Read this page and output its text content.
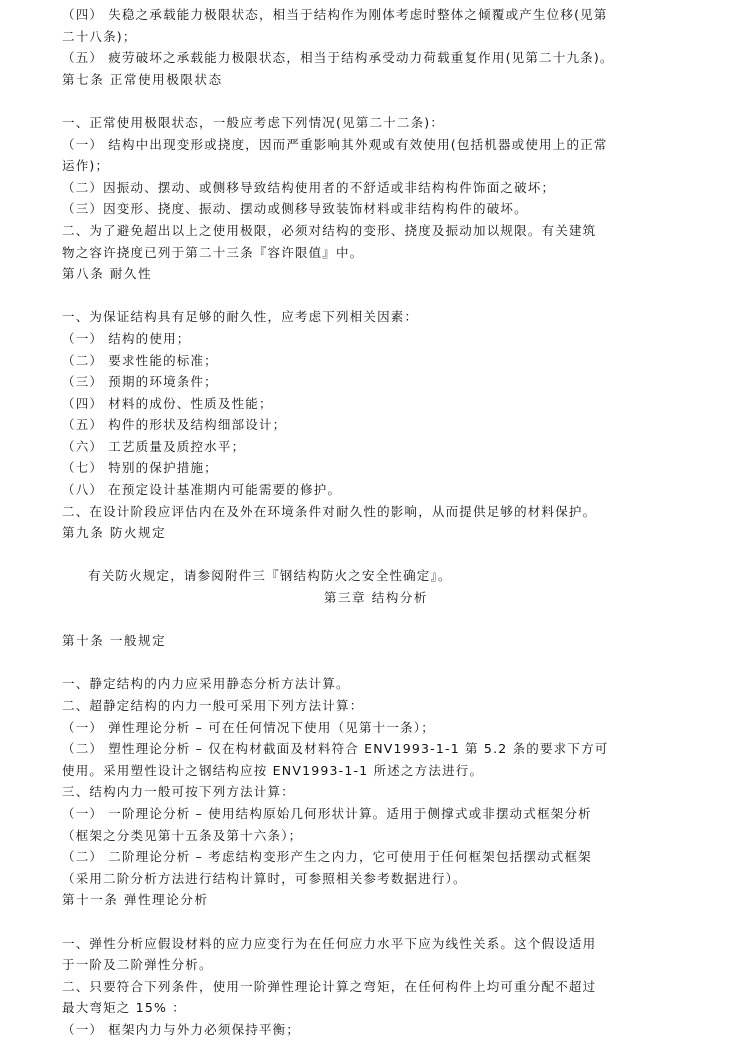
（四） 失稳之承载能力极限状态，相当于结构作为刚体考虑时整体之倾覆或产生位移(见第
二十八条)；
（五） 疲劳破坏之承载能力极限状态，相当于结构承受动力荷载重复作用(见第二十九条)。
第七条 正常使用极限状态
一、正常使用极限状态，一般应考虑下列情况(见第二十二条)：
（一） 结构中出现变形或挠度，因而严重影响其外观或有效使用(包括机器或使用上的正常
运作)；
（二）因振动、摆动、或侧移导致结构使用者的不舒适或非结构构件饰面之破坏；
（三）因变形、挠度、振动、摆动或侧移导致装饰材料或非结构构件的破坏。
二、为了避免超出以上之使用极限，必须对结构的变形、挠度及振动加以规限。有关建筑
物之容许挠度已列于第二十三条『容许限值』中。
第八条 耐久性
一、为保证结构具有足够的耐久性，应考虑下列相关因素：
（一） 结构的使用；
（二） 要求性能的标准；
（三） 预期的环境条件；
（四） 材料的成份、性质及性能；
（五） 构件的形状及结构细部设计；
（六） 工艺质量及质控水平；
（七） 特别的保护措施；
（八） 在预定设计基准期内可能需要的修护。
二、在设计阶段应评估内在及外在环境条件对耐久性的影响，从而提供足够的材料保护。
第九条 防火规定
有关防火规定，请参阅附件三『钢结构防火之安全性确定』。
第三章 结构分析
第十条 一般规定
一、静定结构的内力应采用静态分析方法计算。
二、超静定结构的内力一般可采用下列方法计算：
（一） 弹性理论分析 – 可在任何情况下使用（见第十一条）；
（二） 塑性理论分析 – 仅在构材截面及材料符合 ENV1993-1-1 第 5.2 条的要求下方可
使用。采用塑性设计之钢结构应按 ENV1993-1-1 所述之方法进行。
三、结构内力一般可按下列方法计算：
（一） 一阶理论分析 – 使用结构原始几何形状计算。适用于侧撑式或非摆动式框架分析
（框架之分类见第十五条及第十六条）；
（二） 二阶理论分析 – 考虑结构变形产生之内力，它可使用于任何框架包括摆动式框架
（采用二阶分析方法进行结构计算时，可参照相关参考数据进行）。
第十一条 弹性理论分析
一、弹性分析应假设材料的应力应变行为在任何应力水平下应为线性关系。这个假设适用
于一阶及二阶弹性分析。
二、只要符合下列条件，使用一阶弹性理论计算之弯矩，在任何构件上均可重分配不超过
最大弯矩之 15% ：
（一） 框架内力与外力必须保持平衡；
